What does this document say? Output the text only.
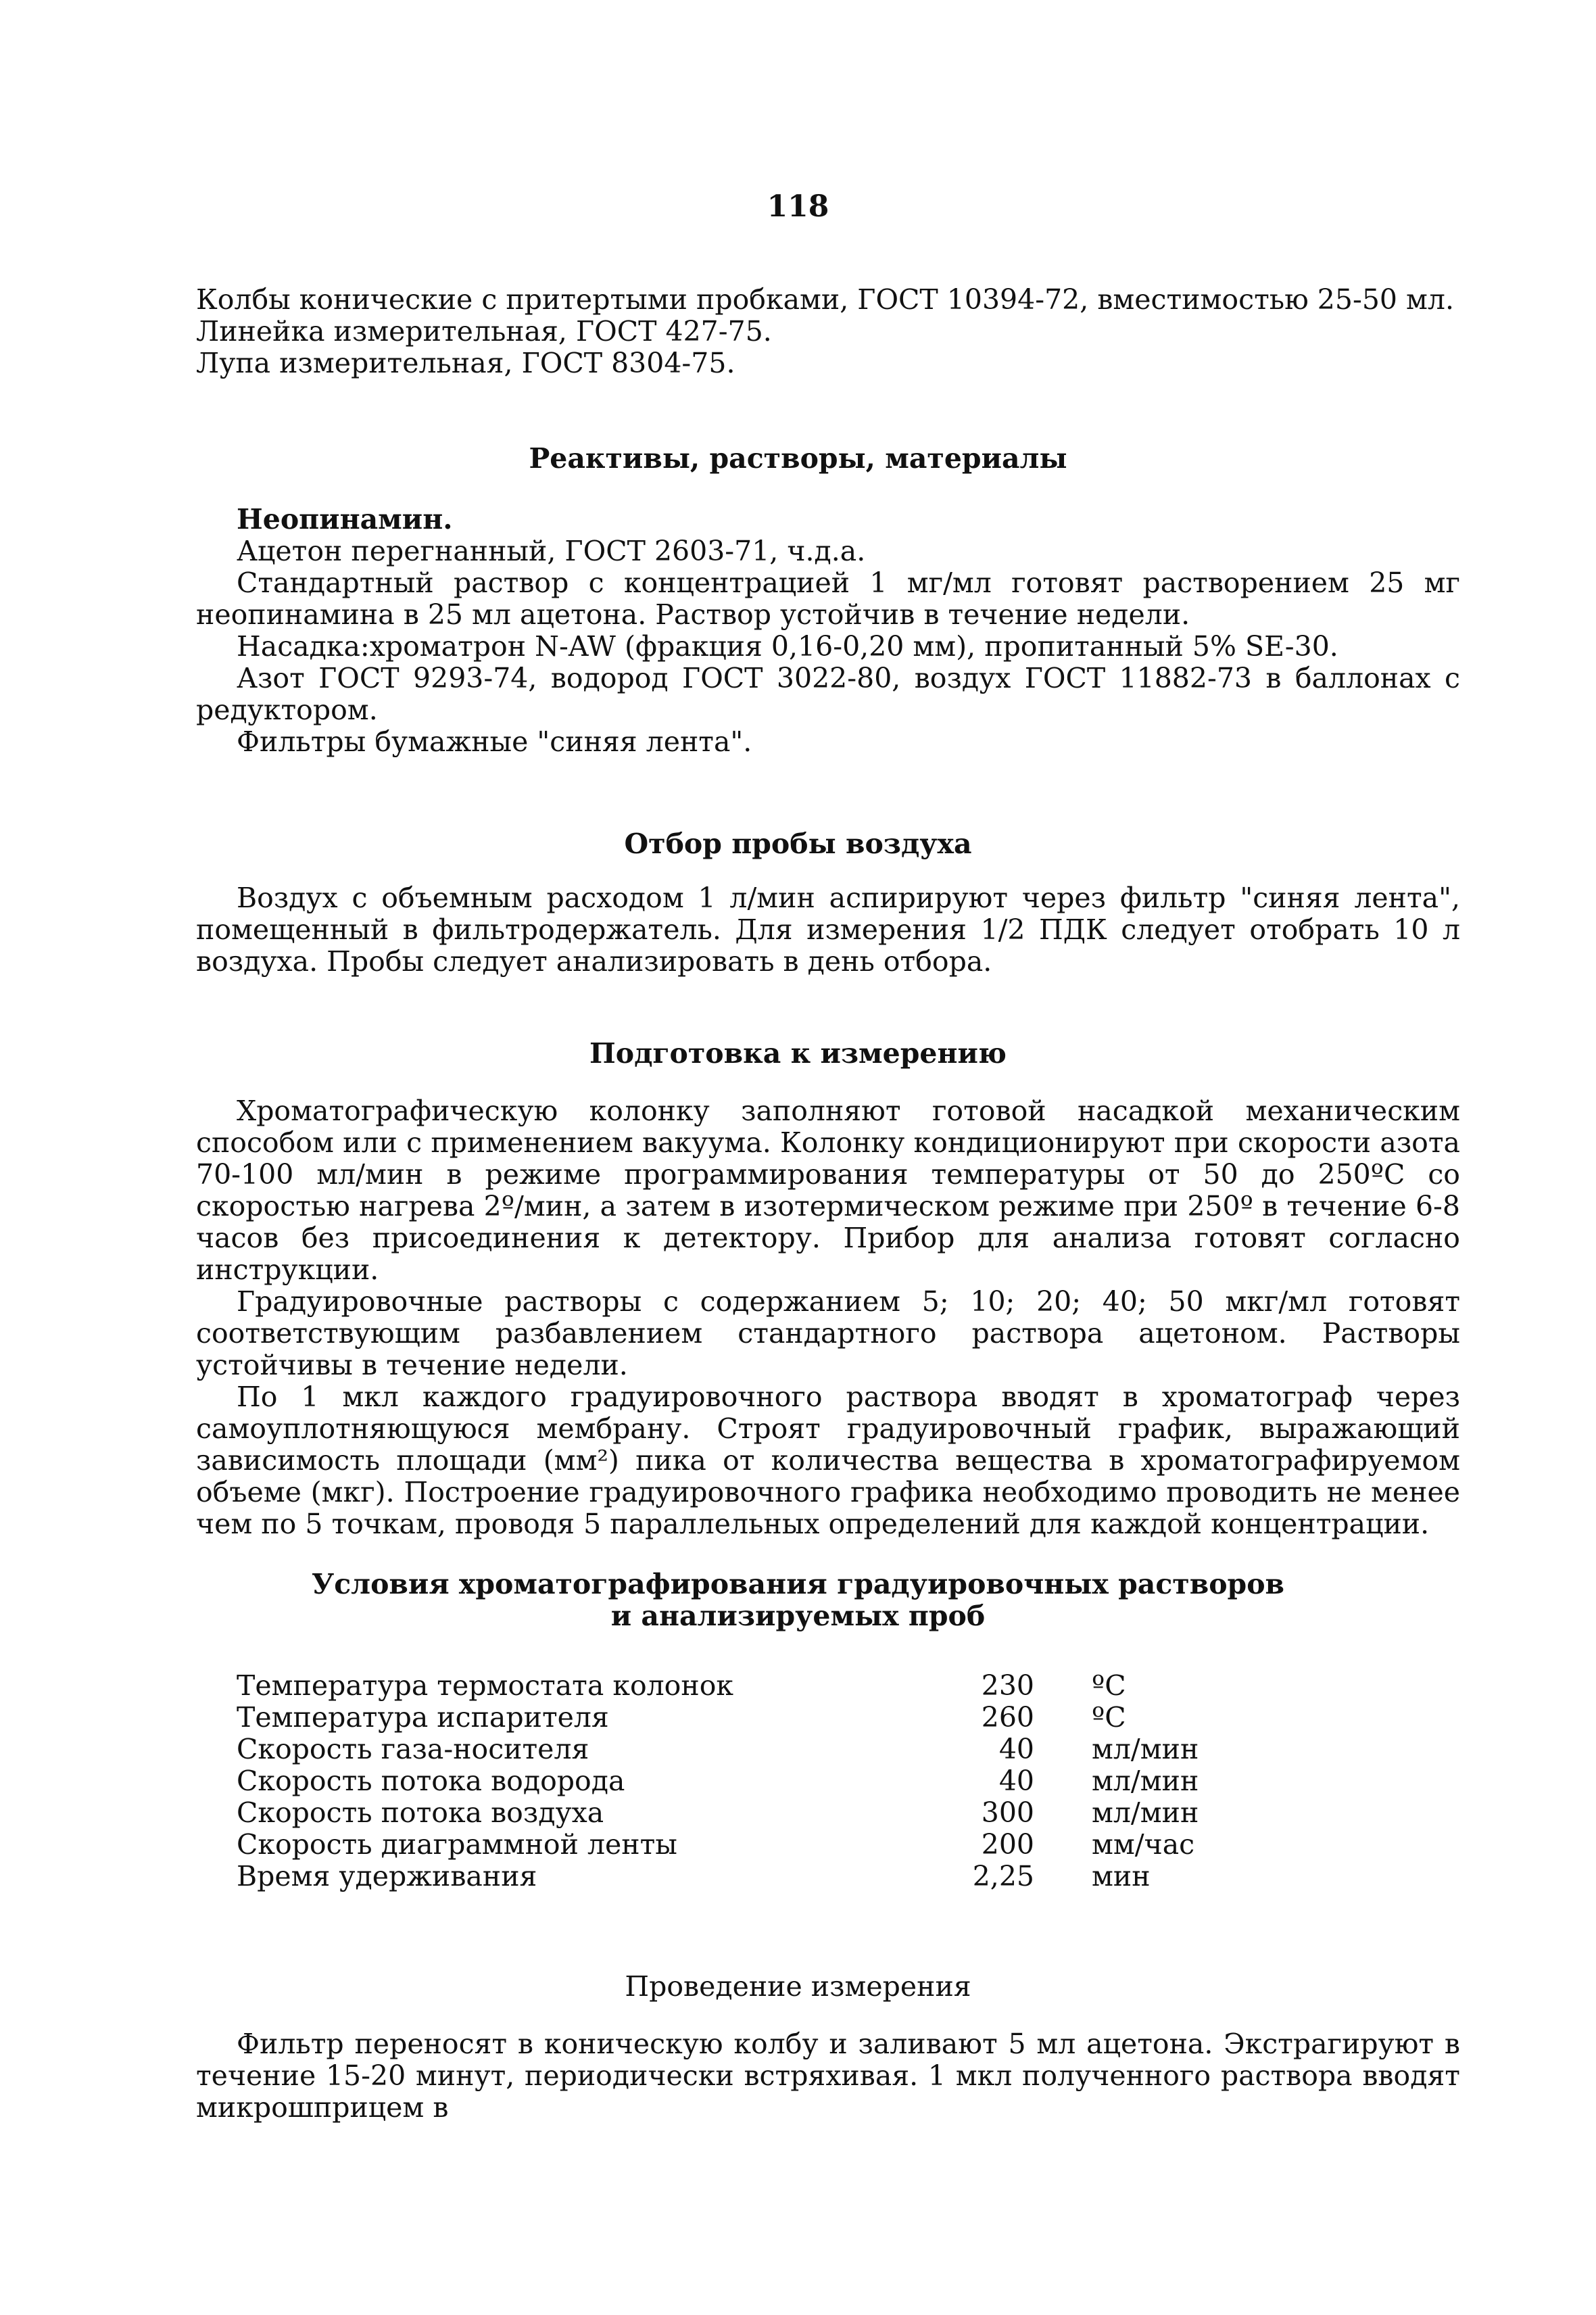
118
Колбы конические с притертыми пробками, ГОСТ 10394-72, вместимостью 25-50 мл.
Линейка измерительная, ГОСТ 427-75.
Лупа измерительная, ГОСТ 8304-75.
Реактивы, растворы, материалы
Неопинамин.
Ацетон перегнанный, ГОСТ 2603-71, ч.д.а.
Стандартный раствор с концентрацией 1 мг/мл готовят растворением 25 мг неопинамина в 25 мл ацетона. Раствор устойчив в течение недели.
Насадка:хроматрон N-AW (фракция 0,16-0,20 мм), пропитанный 5% SE-30.
Азот ГОСТ 9293-74, водород ГОСТ 3022-80, воздух ГОСТ 11882-73 в баллонах с редуктором.
Фильтры бумажные "синяя лента".
Отбор пробы воздуха
Воздух с объемным расходом 1 л/мин аспирируют через фильтр "синяя лента", помещенный в фильтродержатель. Для измерения 1/2 ПДК следует отобрать 10 л воздуха. Пробы следует анализировать в день отбора.
Подготовка к измерению
Хроматографическую колонку заполняют готовой насадкой механическим способом или с применением вакуума. Колонку кондиционируют при скорости азота 70-100 мл/мин в режиме программирования температуры от 50 до 250ºС со скоростью нагрева 2º/мин, а затем в изотермическом режиме при 250º в течение 6-8 часов без присоединения к детектору. Прибор для анализа готовят согласно инструкции.
Градуировочные растворы с содержанием 5; 10; 20; 40; 50 мкг/мл готовят соответствующим разбавлением стандартного раствора ацетоном. Растворы устойчивы в течение недели.
По 1 мкл каждого градуировочного раствора вводят в хроматограф через самоуплотняющуюся мембрану. Строят градуировочный график, выражающий зависимость площади (мм²) пика от количества вещества в хроматографируемом объеме (мкг). Построение градуировочного графика необходимо проводить не менее чем по 5 точкам, проводя 5 параллельных определений для каждой концентрации.
Условия хроматографирования градуировочных растворов
и анализируемых проб
Температура термостата колонок	230 ºС
Температура испарителя	260 ºС
Скорость газа-носителя	40 мл/мин
Скорость потока водорода	40 мл/мин
Скорость потока воздуха	300 мл/мин
Скорость диаграммной ленты	200 мм/час
Время удерживания	2,25 мин
Проведение измерения
Фильтр переносят в коническую колбу и заливают 5 мл ацетона. Экстрагируют в течение 15-20 минут, периодически встряхивая. 1 мкл полученного раствора вводят микрошприцем в
